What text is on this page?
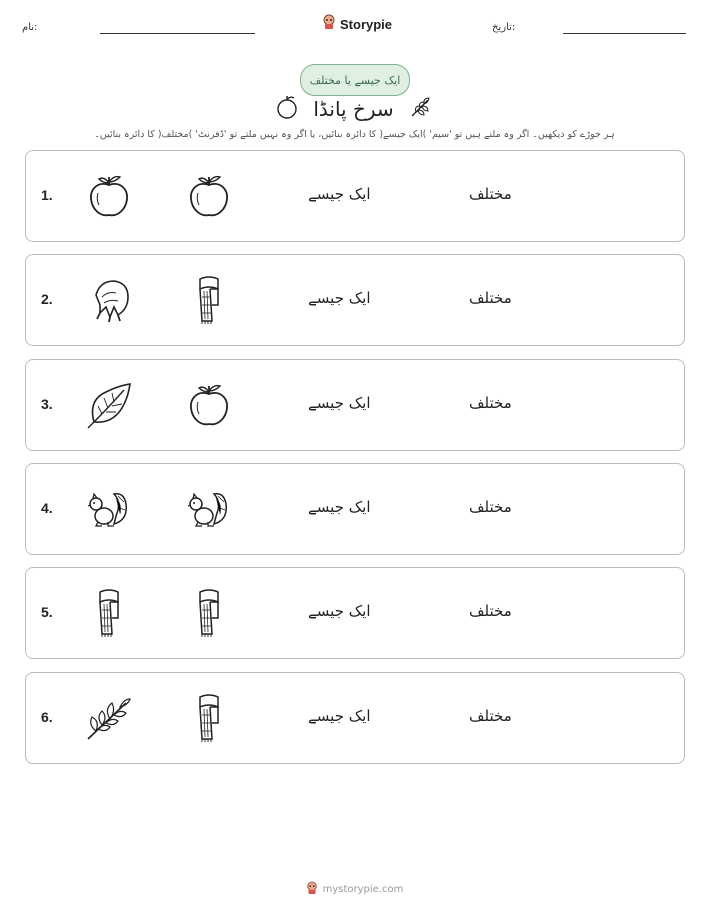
نام:	Storypie	تاریخ:
ایک جیسے یا مختلف
سرخ پانڈا
ہر جوڑے کو دیکھیں۔ اگر وہ ملتے ہیں تو 'سیم' )ایک جیسے( کا دائرہ بنائیں، یا اگر وہ نہیں ملتے تو 'ڈفرنٹ' )مختلف( کا دائرہ بنائیں۔
1.	ایک جیسے	مختلف
2.	ایک جیسے	مختلف
3.	ایک جیسے	مختلف
4.	ایک جیسے	مختلف
5.	ایک جیسے	مختلف
6.	ایک جیسے	مختلف
mystorypie.com
